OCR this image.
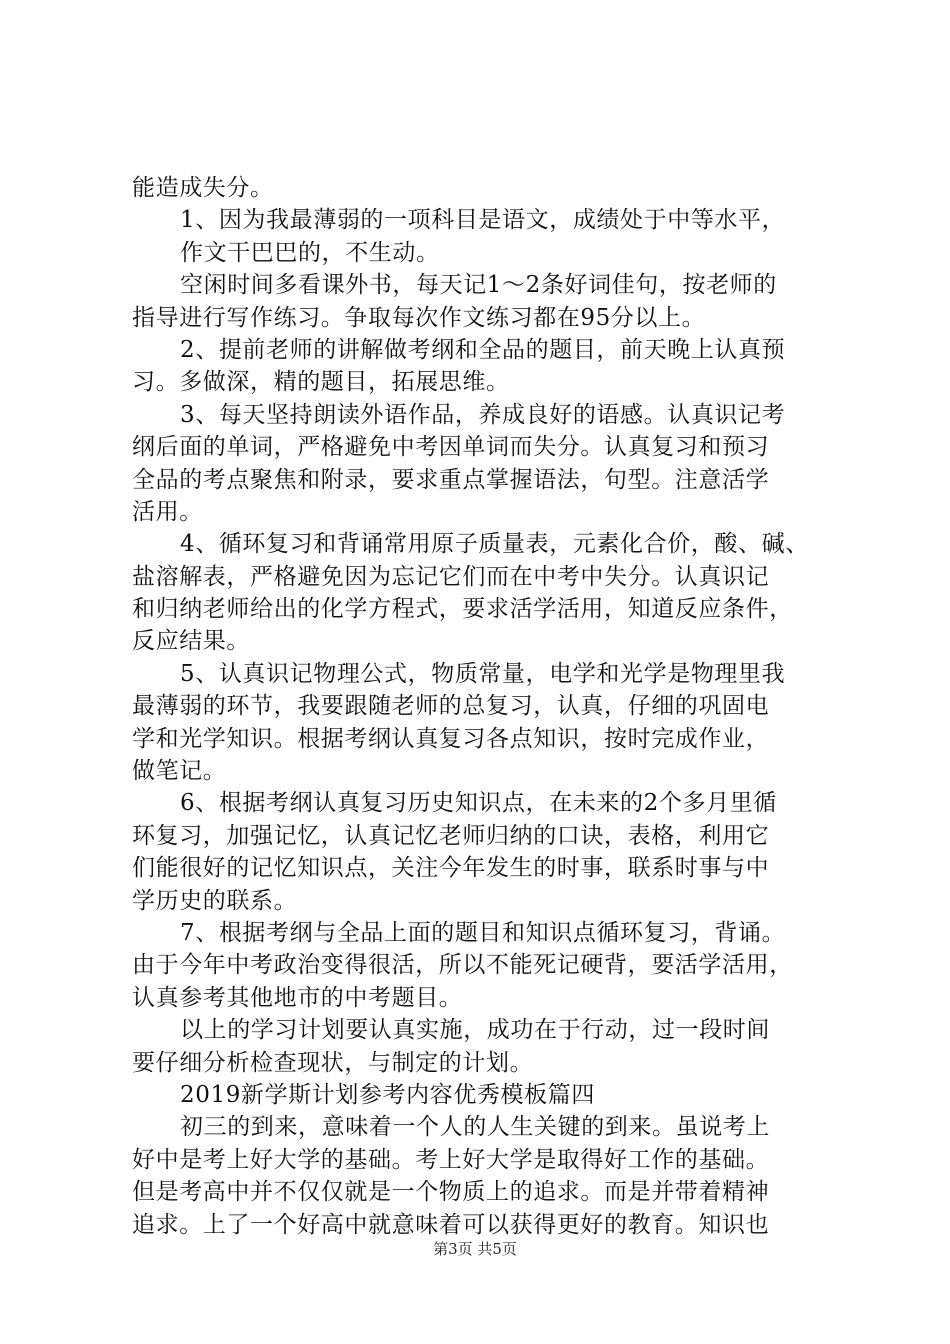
能造成失分。
1、因为我最薄弱的一项科目是语文，成绩处于中等水平，
作文干巴巴的，不生动。
空闲时间多看课外书，每天记1～2条好词佳句，按老师的
指导进行写作练习。争取每次作文练习都在95分以上。
2、提前老师的讲解做考纲和全品的题目，前天晚上认真预
习。多做深，精的题目，拓展思维。
3、每天坚持朗读外语作品，养成良好的语感。认真识记考
纲后面的单词，严格避免中考因单词而失分。认真复习和预习
全品的考点聚焦和附录，要求重点掌握语法，句型。注意活学
活用。
4、循环复习和背诵常用原子质量表，元素化合价，酸、碱、
盐溶解表，严格避免因为忘记它们而在中考中失分。认真识记
和归纳老师给出的化学方程式，要求活学活用，知道反应条件，
反应结果。
5、认真识记物理公式，物质常量，电学和光学是物理里我
最薄弱的环节，我要跟随老师的总复习，认真，仔细的巩固电
学和光学知识。根据考纲认真复习各点知识，按时完成作业，
做笔记。
6、根据考纲认真复习历史知识点，在未来的2个多月里循
环复习，加强记忆，认真记忆老师归纳的口诀，表格，利用它
们能很好的记忆知识点，关注今年发生的时事，联系时事与中
学历史的联系。
7、根据考纲与全品上面的题目和知识点循环复习，背诵。
由于今年中考政治变得很活，所以不能死记硬背，要活学活用，
认真参考其他地市的中考题目。
以上的学习计划要认真实施，成功在于行动，过一段时间
要仔细分析检查现状，与制定的计划。
2019新学斯计划参考内容优秀模板篇四
初三的到来，意味着一个人的人生关键的到来。虽说考上
好中是考上好大学的基础。考上好大学是取得好工作的基础。
但是考高中并不仅仅就是一个物质上的追求。而是并带着精神
追求。上了一个好高中就意味着可以获得更好的教育。知识也
第3页 共5页
